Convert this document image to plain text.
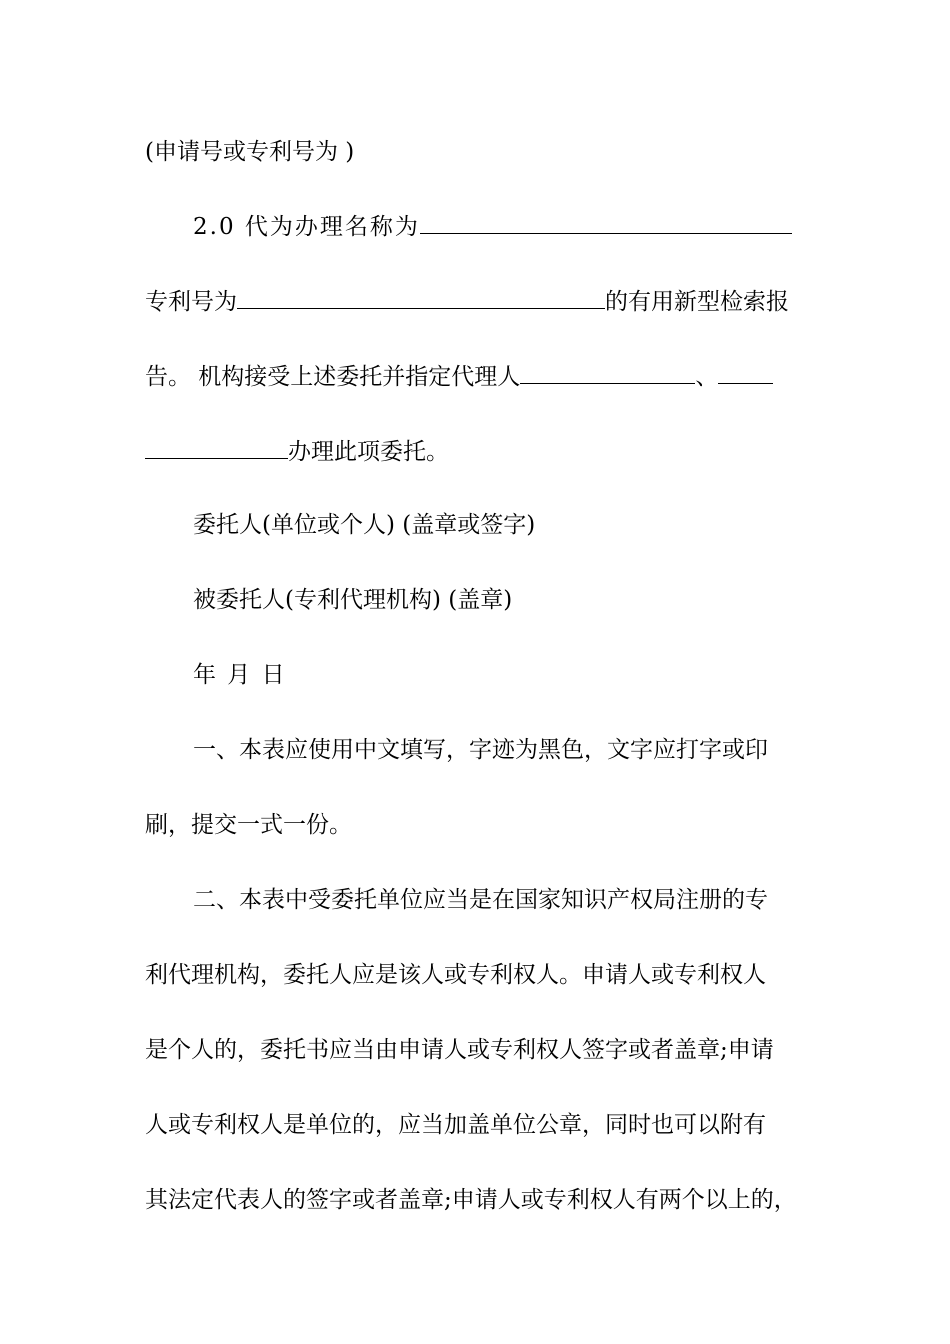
(申请号或专利号为 )
2.0 代为办理名称为
专利号为	的有用新型检索报
告。 机构接受上述委托并指定代理人	、
办理此项委托。
委托人(单位或个人) (盖章或签字)
被委托人(专利代理机构) (盖章)
年 月 日
一、本表应使用中文填写，字迹为黑色，文字应打字或印
刷，提交一式一份。
二、本表中受委托单位应当是在国家知识产权局注册的专
利代理机构，委托人应是该人或专利权人。申请人或专利权人
是个人的，委托书应当由申请人或专利权人签字或者盖章;申请
人或专利权人是单位的，应当加盖单位公章，同时也可以附有
其法定代表人的签字或者盖章;申请人或专利权人有两个以上的，
